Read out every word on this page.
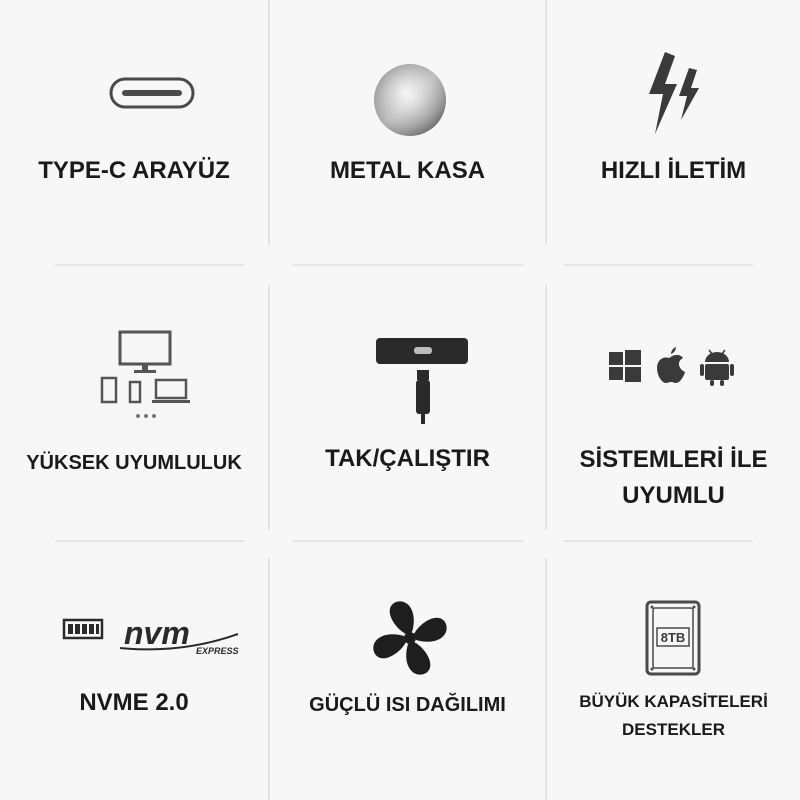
TYPE-C ARAYÜZ	METAL KASA	HIZLI İLETİM
YÜKSEK UYUMLULUK	TAK/ÇALIŞTIR	SİSTEMLERİ İLE UYUMLU
nvm EXPRESS
NVME 2.0	GÜÇLÜ ISI DAĞILIMI
8TB
BÜYÜK KAPASİTELERİ DESTEKLER
